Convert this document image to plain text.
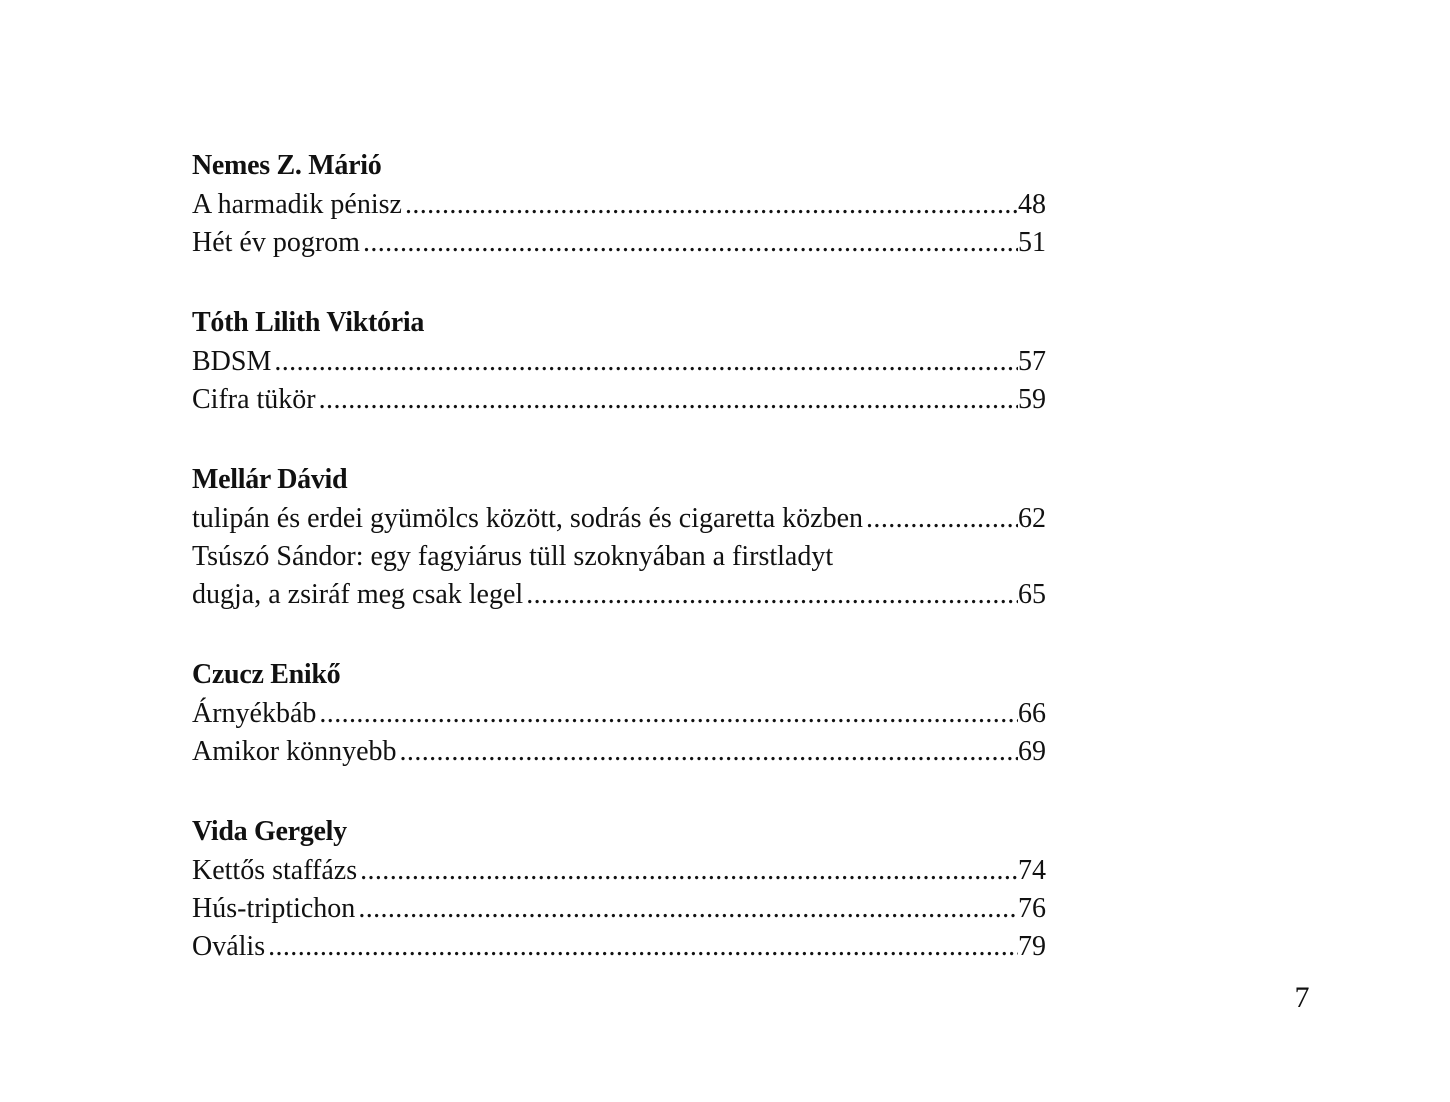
Nemes Z. Márió
A harmadik pénisz .....	48
Hét év pogrom .....	51
Tóth Lilith Viktória
BDSM .....	57
Cifra tükör .....	59
Mellár Dávid
tulipán és erdei gyümölcs között, sodrás és cigaretta közben .....	62
Tsúszó Sándor: egy fagyiárus tüll szoknyában a firstladyt
dugja, a zsiráf meg csak legel .....	65
Czucz Enikő
Árnyékbáb .....	66
Amikor könnyebb .....	69
Vida Gergely
Kettős staffázs .....	74
Hús-triptichon .....	76
Ovális .....	79
7
